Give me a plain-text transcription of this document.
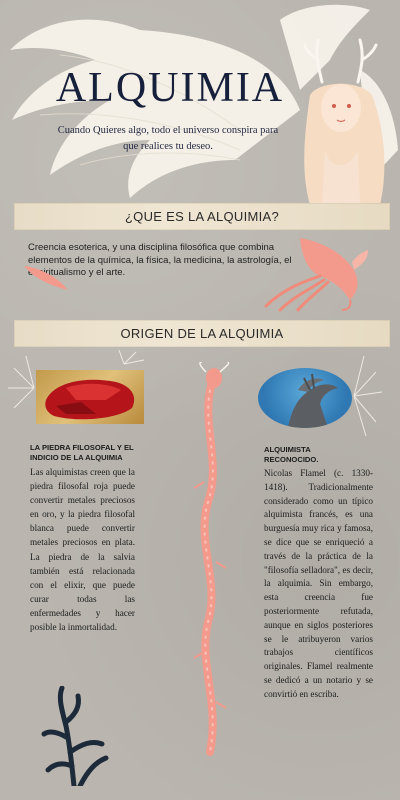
ALQUIMIA
Cuando Quieres algo, todo el universo conspira para que realices tu deseo.
¿QUE ES LA ALQUIMIA?
Creencia esoterica, y una disciplina filosófica que combina elementos de la química, la física, la medicina, la astrología, el espiritualismo y el arte.
ORIGEN DE LA ALQUIMIA
LA PIEDRA FILOSOFAL Y EL INDICIO DE LA ALQUIMIA
Las alquimistas creen que la piedra filosofal roja puede convertir metales preciosos en oro, y la piedra filosofal blanca puede convertir metales preciosos en plata. La piedra de la salvia también está relacionada con el elixir, que puede curar todas las enfermedades y hacer posible la inmortalidad.
ALQUIMISTA RECONOCIDO.
Nicolas Flamel (c. 1330-1418). Tradicionalmente considerado como un típico alquimista francés, es una burguesía muy rica y famosa, se dice que se enriqueció a través de la práctica de la "filosofía selladora", es decir, la alquimia. Sin embargo, esta creencia fue posteriormente refutada, aunque en siglos posteriores se le atribuyeron varios trabajos científicos originales. Flamel realmente se dedicó a un notario y se convirtió en escriba.
